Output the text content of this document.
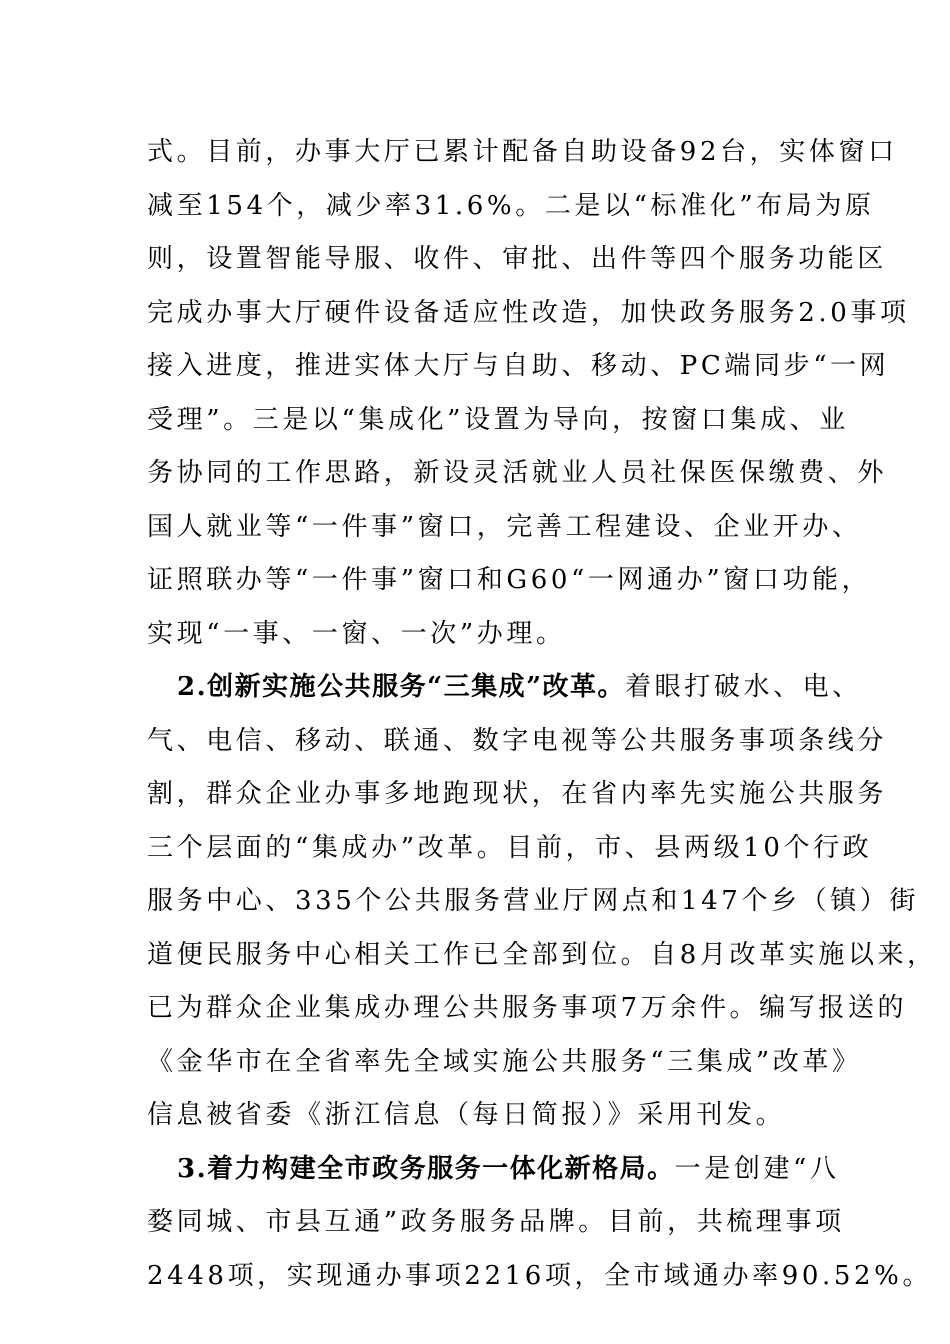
式。目前，办事大厅已累计配备自助设备92台，实体窗口
减至154个，减少率31.6%。二是以“标准化”布局为原
则，设置智能导服、收件、审批、出件等四个服务功能区
完成办事大厅硬件设备适应性改造，加快政务服务2.0事项
接入进度，推进实体大厅与自助、移动、PC端同步“一网
受理”。三是以“集成化”设置为导向，按窗口集成、业
务协同的工作思路，新设灵活就业人员社保医保缴费、外
国人就业等“一件事”窗口，完善工程建设、企业开办、
证照联办等“一件事”窗口和G60“一网通办”窗口功能，
实现“一事、一窗、一次”办理。
2.创新实施公共服务“三集成”改革。着眼打破水、电、
气、电信、移动、联通、数字电视等公共服务事项条线分
割，群众企业办事多地跑现状，在省内率先实施公共服务
三个层面的“集成办”改革。目前，市、县两级10个行政
服务中心、335个公共服务营业厅网点和147个乡（镇）街
道便民服务中心相关工作已全部到位。自8月改革实施以来，
已为群众企业集成办理公共服务事项7万余件。编写报送的
《金华市在全省率先全域实施公共服务“三集成”改革》
信息被省委《浙江信息（每日简报）》采用刊发。
3.着力构建全市政务服务一体化新格局。一是创建“八
婺同城、市县互通”政务服务品牌。目前，共梳理事项
2448项，实现通办事项2216项，全市域通办率90.52%。
